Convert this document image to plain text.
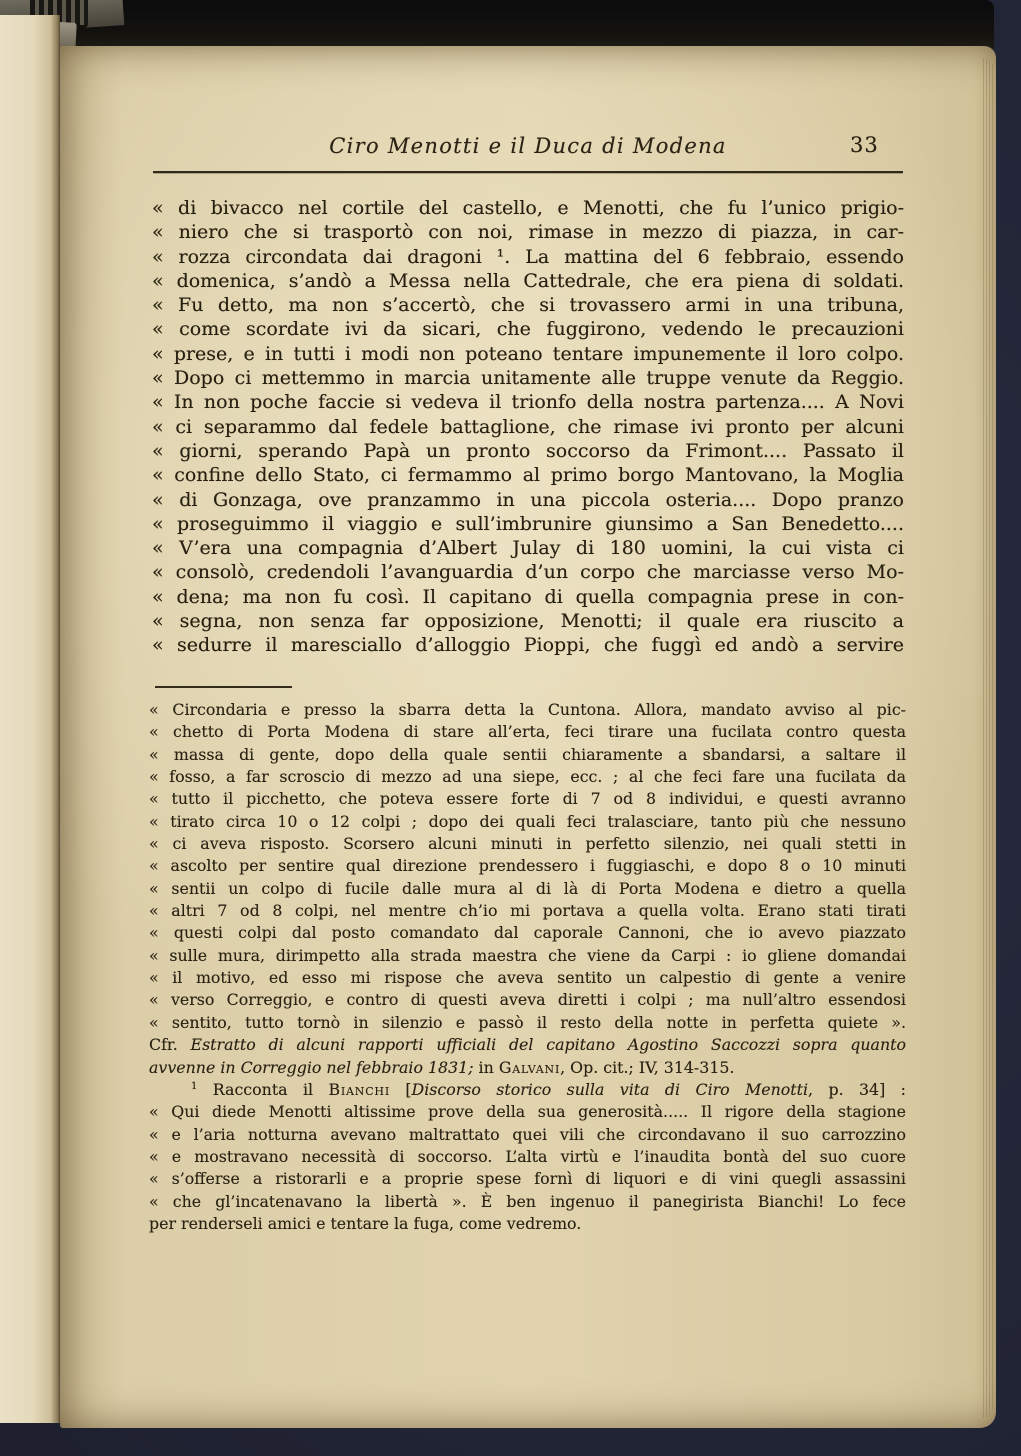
Ciro Menotti e il Duca di Modena	33
« di bivacco nel cortile del castello, e Menotti, che fu l’unico prigio-
« niero che si trasportò con noi, rimase in mezzo di piazza, in car-
« rozza circondata dai dragoni ¹. La mattina del 6 febbraio, essendo
« domenica, s’andò a Messa nella Cattedrale, che era piena di soldati.
« Fu detto, ma non s’accertò, che si trovassero armi in una tribuna,
« come scordate ivi da sicari, che fuggirono, vedendo le precauzioni
« prese, e in tutti i modi non poteano tentare impunemente il loro colpo.
« Dopo ci mettemmo in marcia unitamente alle truppe venute da Reggio.
« In non poche faccie si vedeva il trionfo della nostra partenza.... A Novi
« ci separammo dal fedele battaglione, che rimase ivi pronto per alcuni
« giorni, sperando Papà un pronto soccorso da Frimont.... Passato il
« confine dello Stato, ci fermammo al primo borgo Mantovano, la Moglia
« di Gonzaga, ove pranzammo in una piccola osteria.... Dopo pranzo
« proseguimmo il viaggio e sull’imbrunire giunsimo a San Benedetto....
« V’era una compagnia d’Albert Julay di 180 uomini, la cui vista ci
« consolò, credendoli l’avanguardia d’un corpo che marciasse verso Mo-
« dena; ma non fu così. Il capitano di quella compagnia prese in con-
« segna, non senza far opposizione, Menotti; il quale era riuscito a
« sedurre il maresciallo d’alloggio Pioppi, che fuggì ed andò a servire
« Circondaria e presso la sbarra detta la Cuntona. Allora, mandato avviso al pic-
« chetto di Porta Modena di stare all’erta, feci tirare una fucilata contro questa
« massa di gente, dopo della quale sentii chiaramente a sbandarsi, a saltare il
« fosso, a far scroscio di mezzo ad una siepe, ecc. ; al che feci fare una fucilata da
« tutto il picchetto, che poteva essere forte di 7 od 8 individui, e questi avranno
« tirato circa 10 o 12 colpi ; dopo dei quali feci tralasciare, tanto più che nessuno
« ci aveva risposto. Scorsero alcuni minuti in perfetto silenzio, nei quali stetti in
« ascolto per sentire qual direzione prendessero i fuggiaschi, e dopo 8 o 10 minuti
« sentii un colpo di fucile dalle mura al di là di Porta Modena e dietro a quella
« altri 7 od 8 colpi, nel mentre ch’io mi portava a quella volta. Erano stati tirati
« questi colpi dal posto comandato dal caporale Cannoni, che io avevo piazzato
« sulle mura, dirimpetto alla strada maestra che viene da Carpi : io gliene domandai
« il motivo, ed esso mi rispose che aveva sentito un calpestio di gente a venire
« verso Correggio, e contro di questi aveva diretti i colpi ; ma null’altro essendosi
« sentito, tutto tornò in silenzio e passò il resto della notte in perfetta quiete ».
Cfr. Estratto di alcuni rapporti ufficiali del capitano Agostino Saccozzi sopra quanto
avvenne in Correggio nel febbraio 1831; in Galvani, Op. cit.; IV, 314-315.
$^1$ Racconta il Bianchi [Discorso storico sulla vita di Ciro Menotti, p. 34] :
« Qui diede Menotti altissime prove della sua generosità..... Il rigore della stagione
« e l’aria notturna avevano maltrattato quei vili che circondavano il suo carrozzino
« e mostravano necessità di soccorso. L’alta virtù e l’inaudita bontà del suo cuore
« s’offerse a ristorarli e a proprie spese fornì di liquori e di vini quegli assassini
« che gl’incatenavano la libertà ». È ben ingenuo il panegirista Bianchi! Lo fece
per renderseli amici e tentare la fuga, come vedremo.
